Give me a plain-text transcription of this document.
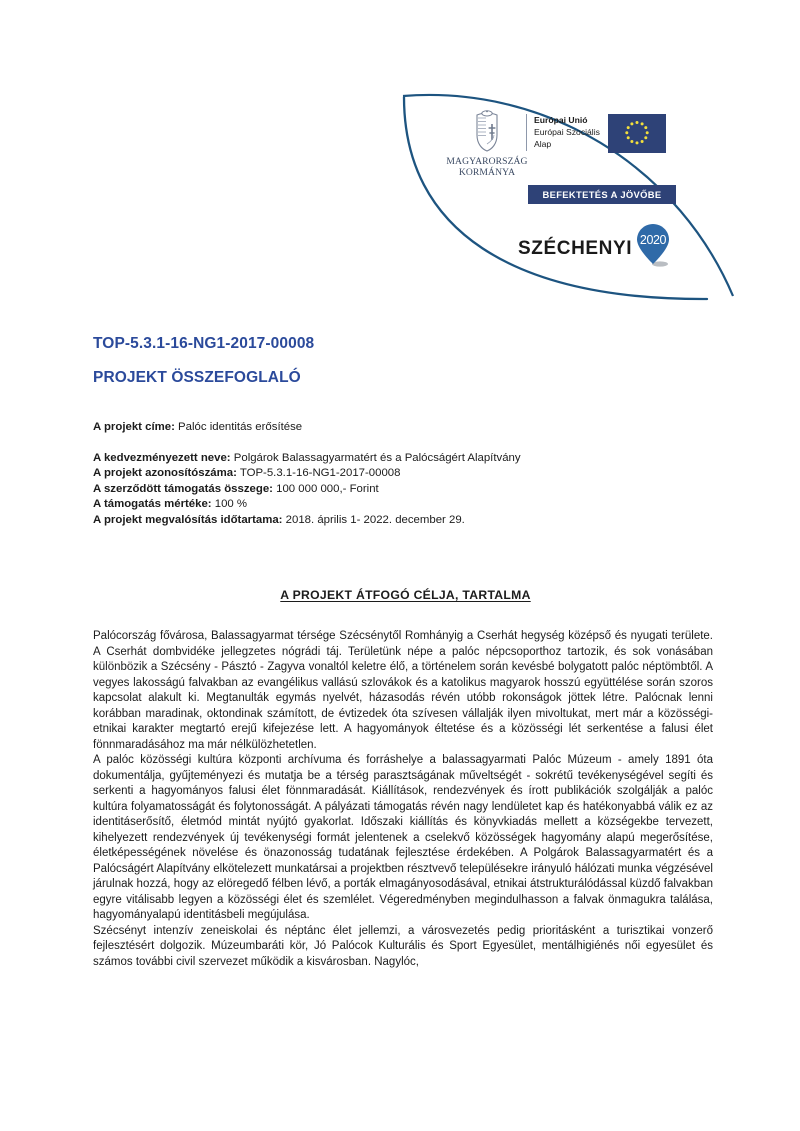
MAGYARORSZÁG
KORMÁNYA
Európai Unió
Európai Szociális
Alap
BEFEKTETÉS A JÖVŐBE
SZÉCHENYI 2020
TOP-5.3.1-16-NG1-2017-00008
PROJEKT ÖSSZEFOGLALÓ
A projekt címe: Palóc identitás erősítése
A kedvezményezett neve: Polgárok Balassagyarmatért és a Palócságért Alapítvány
A projekt azonosítószáma: TOP-5.3.1-16-NG1-2017-00008
A szerződött támogatás összege: 100 000 000,- Forint
A támogatás mértéke: 100 %
A projekt megvalósítás időtartama: 2018. április 1- 2022. december 29.
A PROJEKT ÁTFOGÓ CÉLJA, TARTALMA

Palócország fővárosa, Balassagyarmat térsége Szécsénytől Romhányig a Cserhát hegység középső és nyugati területe. A Cserhát dombvidéke jellegzetes nógrádi táj. Területünk népe a palóc népcsoporthoz tartozik, és sok vonásában különbözik a Szécsény - Pásztó - Zagyva vonaltól keletre élő, a történelem során kevésbé bolygatott palóc néptömbtől. A vegyes lakosságú falvakban az evangélikus vallású szlovákok és a katolikus magyarok hosszú együttélése során szoros kapcsolat alakult ki. Megtanulták egymás nyelvét, házasodás révén utóbb rokonságok jöttek létre. Palócnak lenni korábban maradinak, oktondinak számított, de évtizedek óta szívesen vállalják ilyen mivoltukat, mert már a közösségi-etnikai karakter megtartó erejű kifejezése lett. A hagyományok éltetése és a közösségi lét serkentése a falusi élet fönnmaradásához ma már nélkülözhetetlen.

A palóc közösségi kultúra központi archívuma és forráshelye a balassagyarmati Palóc Múzeum - amely 1891 óta dokumentálja, gyűjteményezi és mutatja be a térség parasztságának műveltségét - sokrétű tevékenységével segíti és serkenti a hagyományos falusi élet fönnmaradását. Kiállítások, rendezvények és írott publikációk szolgálják a palóc kultúra folyamatosságát és folytonosságát. A pályázati támogatás révén nagy lendületet kap és hatékonyabbá válik ez az identitáserősítő, életmód mintát nyújtó gyakorlat. Időszaki kiállítás és könyvkiadás mellett a községekbe tervezett, kihelyezett rendezvények új tevékenységi formát jelentenek a cselekvő közösségek hagyomány alapú megerősítése, életképességének növelése és önazonosság tudatának fejlesztése érdekében. A Polgárok Balassagyarmatért és a Palócságért Alapítvány elkötelezett munkatársai a projektben résztvevő településekre irányuló hálózati munka végzésével járulnak hozzá, hogy az elöregedő félben lévő, a porták elmagányosodásával, etnikai átstrukturálódással küzdő falvakban egyre vitálisabb legyen a közösségi élet és szemlélet. Végeredményben megindulhasson a falvak önmagukra találása, hagyományalapú identitásbeli megújulása.

Szécsényt intenzív zeneiskolai és néptánc élet jellemzi, a városvezetés pedig prioritásként a turisztikai vonzerő fejlesztésért dolgozik. Múzeumbaráti kör, Jó Palócok Kulturális és Sport Egyesület, mentálhigiénés női egyesület és számos további civil szervezet működik a kisvárosban. Nagylóc,
